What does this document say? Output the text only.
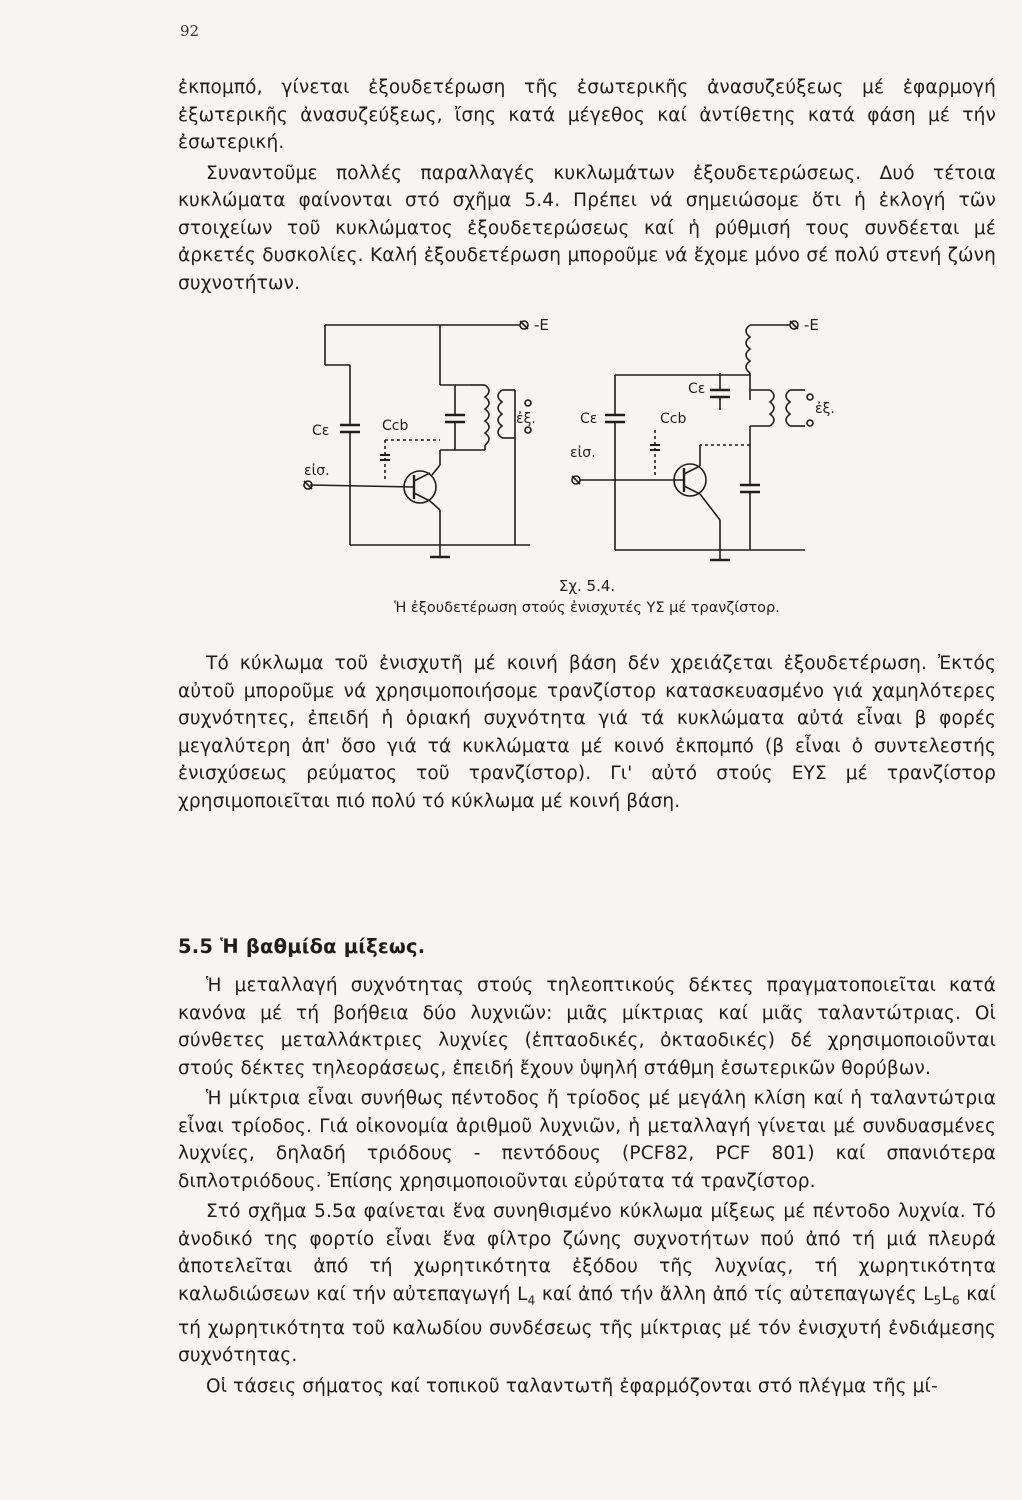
92

ἐκπομπό, γίνεται ἐξουδετέρωση τῆς ἐσωτερικῆς ἀνασυζεύξεως μέ ἐφαρμογή ἐξωτερικῆς ἀνασυζεύξεως, ἴσης κατά μέγεθος καί ἀντίθετης κατά φάση μέ τήν ἐσωτερική.

Συναντοῦμε πολλές παραλλαγές κυκλωμάτων ἐξουδετερώσεως. Δυό τέτοια κυκλώματα φαίνονται στό σχῆμα 5.4. Πρέπει νά σημειώσομε ὅτι ἡ ἐκλογή τῶν στοιχείων τοῦ κυκλώματος ἐξουδετερώσεως καί ἡ ρύθμισή τους συνδέεται μέ ἀρκετές δυσκολίες. Καλή ἐξουδετέρωση μποροῦμε νά ἔχομε μόνο σέ πολύ στενή ζώνη συχνοτήτων.

-E	-E
Cε	Ccb
εἰσ.
ἐξ.	Cε	Ccb
εἰσ.
ἐξ.
Cε

Σχ. 5.4.

Ἡ ἐξουδετέρωση στούς ἐνισχυτές ΥΣ μέ τρανζίστορ.

Τό κύκλωμα τοῦ ἐνισχυτῆ μέ κοινή βάση δέν χρειάζεται ἐξουδετέρωση. Ἐκτός αὐτοῦ μποροῦμε νά χρησιμοποιήσομε τρανζίστορ κατασκευασμένο γιά χαμηλότερες συχνότητες, ἐπειδή ἡ ὁριακή συχνότητα γιά τά κυκλώματα αὐτά εἶναι β φορές μεγαλύτερη ἀπ' ὅσο γιά τά κυκλώματα μέ κοινό ἐκπομπό (β εἶναι ὁ συντελεστής ἐνισχύσεως ρεύματος τοῦ τρανζίστορ). Γι' αὐτό στούς ΕΥΣ μέ τρανζίστορ χρησιμοποιεῖται πιό πολύ τό κύκλωμα μέ κοινή βάση.

5.5 Ἡ βαθμίδα μίξεως.

Ἡ μεταλλαγή συχνότητας στούς τηλεοπτικούς δέκτες πραγματοποιεῖται κατά κανόνα μέ τή βοήθεια δύο λυχνιῶν: μιᾶς μίκτριας καί μιᾶς ταλαντώτριας. Οἱ σύνθετες μεταλλάκτριες λυχνίες (ἑπταοδικές, ὀκταοδικές) δέ χρησιμοποιοῦνται στούς δέκτες τηλεοράσεως, ἐπειδή ἔχουν ὑψηλή στάθμη ἐσωτερικῶν θορύβων.

Ἡ μίκτρια εἶναι συνήθως πέντοδος ἤ τρίοδος μέ μεγάλη κλίση καί ἡ ταλαντώτρια εἶναι τρίοδος. Γιά οἰκονομία ἀριθμοῦ λυχνιῶν, ἡ μεταλλαγή γίνεται μέ συνδυασμένες λυχνίες, δηλαδή τριόδους - πεντόδους (PCF82, PCF 801) καί σπανιότερα διπλοτριόδους. Ἐπίσης χρησιμοποιοῦνται εὐρύτατα τά τρανζίστορ.

Στό σχῆμα 5.5α φαίνεται ἕνα συνηθισμένο κύκλωμα μίξεως μέ πέντοδο λυχνία. Τό ἀνοδικό της φορτίο εἶναι ἕνα φίλτρο ζώνης συχνοτήτων πού ἀπό τή μιά πλευρά ἀποτελεῖται ἀπό τή χωρητικότητα ἐξόδου τῆς λυχνίας, τή χωρητικότητα καλωδιώσεων καί τήν αὐτεπαγωγή $L_4$ καί ἀπό τήν ἄλλη ἀπό τίς αὐτεπαγωγές $L_5L_6$ καί τή χωρητικότητα τοῦ καλωδίου συνδέσεως τῆς μίκτριας μέ τόν ἐνισχυτή ἐνδιάμεσης συχνότητας.

Οἱ τάσεις σήματος καί τοπικοῦ ταλαντωτῆ ἐφαρμόζονται στό πλέγμα τῆς μί-
